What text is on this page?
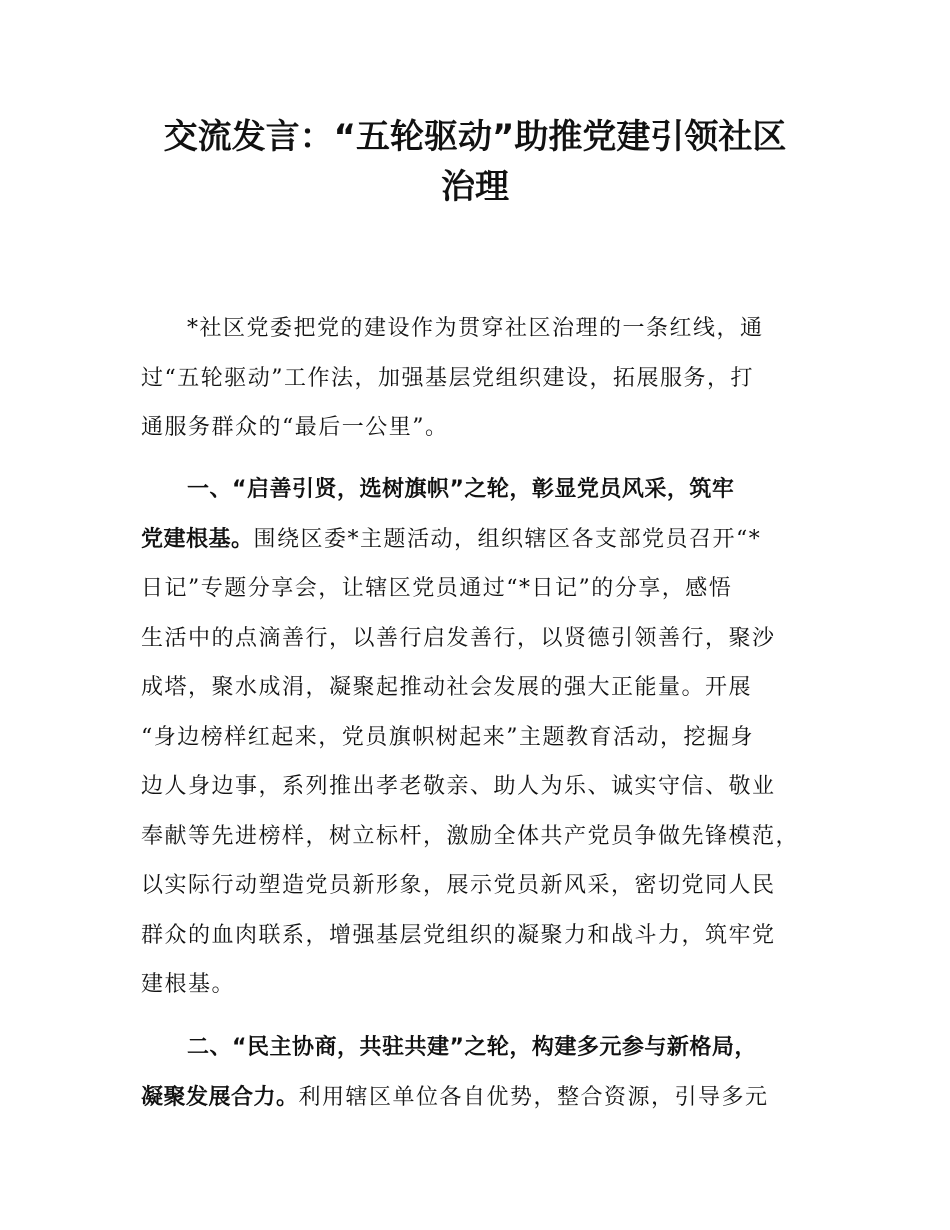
交流发言：“五轮驱动”助推党建引领社区
治理

*社区党委把党的建设作为贯穿社区治理的一条红线，通
过“五轮驱动”工作法，加强基层党组织建设，拓展服务，打
通服务群众的“最后一公里”。

一、“启善引贤，选树旗帜”之轮，彰显党员风采，筑牢
党建根基。围绕区委*主题活动，组织辖区各支部党员召开“*
日记”专题分享会，让辖区党员通过“*日记”的分享，感悟
生活中的点滴善行，以善行启发善行，以贤德引领善行，聚沙
成塔，聚水成涓，凝聚起推动社会发展的强大正能量。开展
“身边榜样红起来，党员旗帜树起来”主题教育活动，挖掘身
边人身边事，系列推出孝老敬亲、助人为乐、诚实守信、敬业
奉献等先进榜样，树立标杆，激励全体共产党员争做先锋模范，
以实际行动塑造党员新形象，展示党员新风采，密切党同人民
群众的血肉联系，增强基层党组织的凝聚力和战斗力，筑牢党
建根基。

二、“民主协商，共驻共建”之轮，构建多元参与新格局，
凝聚发展合力。利用辖区单位各自优势，整合资源，引导多元
